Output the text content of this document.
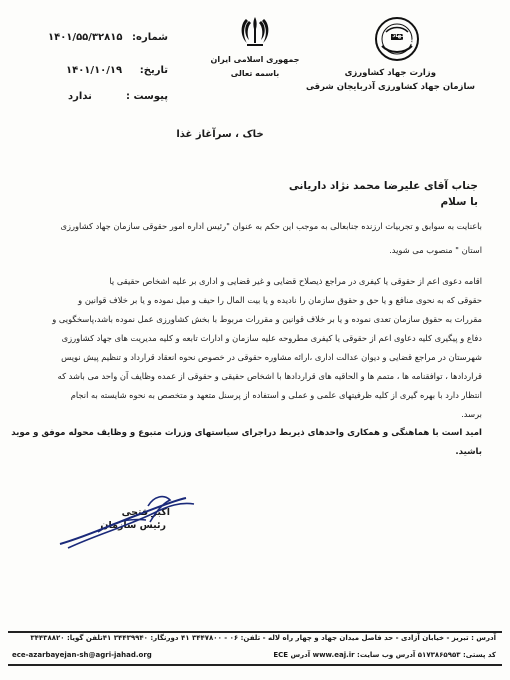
شماره:
۱۴۰۱/۵۵/۳۲۸۱۵
تاریخ:
۱۴۰۱/۱۰/۱۹
پیوست :
ندارد
جمهوری اسلامی ایران
باسمه تعالی
جهاد کشاورزی
وزارت جهاد کشاورزی
سازمان جهاد کشاورزی آذربایجان شرقی
خاک ، سرآغاز غذا
جناب آقای علیرضا محمد نژاد داریانی
با سلام
باعنایت به سوابق و تجربیات ارزنده جنابعالی به موجب این حکم به عنوان "رئیس اداره امور حقوقی سازمان جهاد کشاورزی
استان " منصوب می شوید.
اقامه دعوی اعم از حقوقی یا کیفری در مراجع ذیصلاح قضایی و غیر قضایی و اداری بر علیه اشخاص حقیقی یا
حقوقی که به نحوی منافع و یا حق و حقوق سازمان را نادیده و یا بیت المال را حیف و میل نموده و یا بر خلاف قوانین و
مقررات به حقوق سازمان تعدی نموده و یا بر خلاف قوانین و مقررات مربوط با بخش کشاورزی عمل نموده باشد،پاسخگویی و
دفاع و پیگیری کلیه دعاوی اعم از حقوقی یا کیفری مطروحه علیه سازمان و ادارات تابعه و کلیه مدیریت های جهاد کشاورزی
شهرستان در مراجع قضایی و دیوان عدالت اداری ،ارائه مشاوره حقوقی در خصوص نحوه انعقاد قرارداد و تنظیم پیش نویس
قراردادها ، توافقنامه ها ، متمم ها و الحاقیه های قراردادها با اشخاص حقیقی و حقوقی از عمده وظایف آن واحد می باشد که
انتظار دارد با بهره گیری از کلیه ظرفیتهای علمی و عملی و استفاده از پرسنل متعهد و متخصص به نحوه شایسته به انجام
برسد.
امید است با هماهنگی و همکاری واحدهای ذیربط دراجرای سیاستهای وزرات متبوع و وظایف محوله موفق و موید
باشید.
اکبر فتحی
رئیس سازمان
آدرس : تبریز - خیابان آزادی - حد فاصل میدان جهاد و چهار راه لاله - تلفن: ۰۶ - ۳۴۴۷۸۰۰ ۴۱ دورنگار: ۳۴۴۳۹۹۴۰ ۴۱تلفن گویا: ۳۴۴۳۸۸۲۰
کد پستی: ۵۱۷۳۸۶۵۹۵۳ آدرس وب سایت: www.eaj.ir آدرس ECE
ece-azarbayejan-sh@agri-jahad.org
